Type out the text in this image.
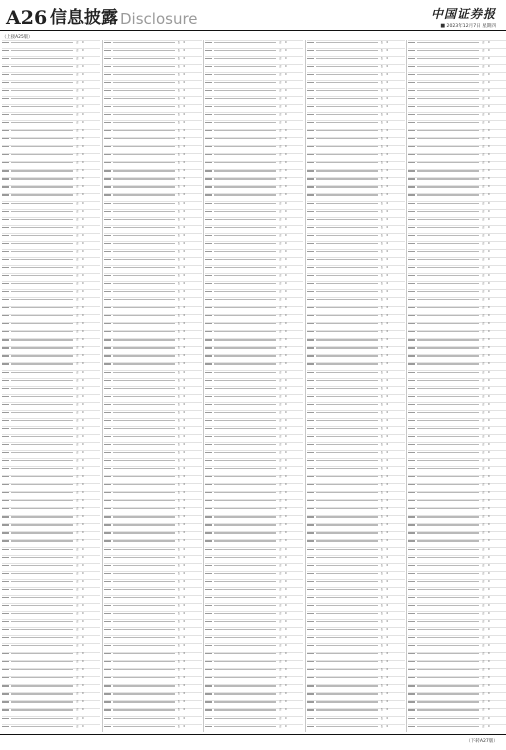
A26 信息披露 Disclosure	中国证券报
■ 2023年12月7日 星期四
（上接A25版）
否	0
否	0
否	0
否	0
否	0
否	0
否	0
否	0
否	0
否	0
否	0
否	0
否	0
否	0
否	0
否	0
否	0
否	0
否	0
否	0
否	0
否	0
否	0
否	0
否	0
否	0
否	0
否	0
否	0
否	0
否	0
否	0
否	0
否	0
否	0
否	0
否	0
否	0
否	0
否	0
否	0
否	0
否	0
否	0
否	0
否	0
否	0
否	0
否	0
否	0
否	0
否	0
否	0
否	0
否	0
否	0
否	0
否	0
否	0
否	0
否	0
否	0
否	0
否	0
否	0
否	0
否	0
否	0
否	0
否	0
否	0
否	0
否	0
否	0
否	0
否	0
否	0
否	0
否	0
否	0
否	0
否	0
否	0
否	0
否	0
否	0
否	0
否	0
否	0
否	0
否	0
否	0
否	0
否	0
否	0
否	0
否	0
否	0
否	0
否	0
否	0
否	0
否	0
否	0
否	0
否	0
否	0
否	0
否	0
否	0
否	0
否	0
否	0
否	0
否	0
否	0
否	0
否	0
否	0
否	0
否	0
否	0
否	0
否	0
否	0
否	0
否	0
否	0
否	0
否	0
否	0
否	0
否	0
否	0
否	0
否	0
否	0
否	0
否	0
否	0
否	0
否	0
否	0
否	0
否	0
否	0
否	0
否	0
否	0
否	0
否	0
否	0
否	0
否	0
否	0
否	0
否	0
否	0
否	0
否	0
否	0
否	0
否	0
否	0
否	0
否	0
否	0
否	0
否	0
否	0
否	0
否	0
否	0
否	0
否	0
否	0
否	0
否	0
否	0
否	0
否	0
否	0
否	0
否	0
否	0
否	0
否	0
否	0
否	0
否	0
否	0
否	0
否	0
否	0
否	0
否	0
否	0
否	0
否	0
否	0
否	0
否	0
否	0
否	0
否	0
否	0
否	0
否	0
否	0
否	0
否	0
否	0
否	0
否	0
否	0
否	0
否	0
否	0
否	0
否	0
否	0
否	0
否	0
否	0
否	0
否	0
否	0
否	0
否	0
否	0
否	0
否	0
否	0
否	0
否	0
否	0
否	0
否	0
否	0
否	0
否	0
否	0
否	0
否	0
否	0
否	0
否	0
否	0
否	0
否	0
否	0
否	0
否	0
否	0
否	0
否	0
否	0
否	0
否	0
否	0
否	0
否	0
否	0
否	0
否	0
否	0
否	0
否	0
否	0
否	0
否	0
否	0
否	0
否	0
否	0
否	0
否	0
否	0
否	0
否	0
否	0
否	0
否	0
否	0
否	0
否	0
否	0
否	0
否	0
否	0
否	0
否	0
否	0
否	0
否	0
否	0
否	0
否	0
否	0
否	0
否	0
否	0
否	0
否	0
否	0
否	0
否	0
否	0
否	0
否	0
否	0
否	0
否	0
否	0
否	0
否	0
否	0
否	0
否	0
否	0
否	0
否	0
否	0
否	0
否	0
否	0
否	0
否	0
否	0
否	0
否	0
否	0
否	0
否	0
否	0
否	0
否	0
否	0
否	0
否	0
否	0
否	0
否	0
否	0
否	0
否	0
否	0
否	0
否	0
否	0
否	0
否	0
否	0
否	0
否	0
否	0
否	0
否	0
否	0
否	0
否	0
否	0
否	0
否	0
否	0
否	0
否	0
否	0
否	0
否	0
否	0
否	0
否	0
否	0
否	0
否	0
否	0
否	0
否	0
否	0
否	0
否	0
否	0
否	0
否	0
否	0
否	0
否	0
否	0
否	0
否	0
否	0
否	0
否	0
否	0
否	0
否	0
否	0
否	0
否	0
否	0
否	0
否	0
否	0
否	0
否	0
否	0
否	0
否	0
否	0
否	0
否	0
否	0
否	0
否	0
否	0
否	0
否	0
否	0
否	0
否	0
否	0
否	0
否	0
否	0
否	0
否	0
否	0
否	0
否	0
（下转A27版）
